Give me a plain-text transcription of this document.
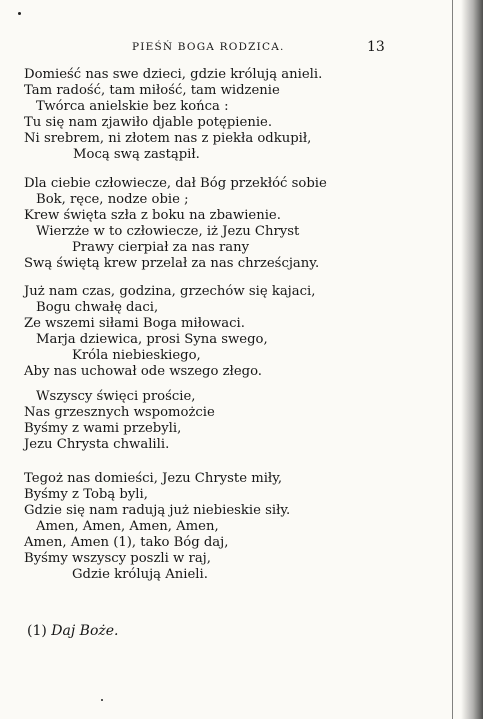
PIEŚŃ BOGA RODZICA.	13
Domieść nas swe dzieci, gdzie królują anieli.
Tam radość, tam miłość, tam widzenie
Twórca anielskie bez końca :
Tu się nam zjawiło djable potępienie.
Ni srebrem, ni złotem nas z piekła odkupił,
Mocą swą zastąpił.
Dla ciebie człowiecze, dał Bóg przekłóć sobie
Bok, ręce, nodze obie ;
Krew święta szła z boku na zbawienie.
Wierzże w to człowiecze, iż Jezu Chryst
Prawy cierpiał za nas rany
Swą świętą krew przelał za nas chrześcjany.
Już nam czas, godzina, grzechów się kajaci,
Bogu chwałę daci,
Ze wszemi siłami Boga miłowaci.
Marja dziewica, prosi Syna swego,
Króla niebieskiego,
Aby nas uchował ode wszego złego.
Wszyscy święci proście,
Nas grzesznych wspomożcie
Byśmy z wami przebyli,
Jezu Chrysta chwalili.
Tegoż nas domieści, Jezu Chryste miły,
Byśmy z Tobą byli,
Gdzie się nam radują już niebieskie siły.
Amen, Amen, Amen, Amen,
Amen, Amen (1), tako Bóg daj,
Byśmy wszyscy poszli w raj,
Gdzie królują Anieli.
(1) Daj Boże.
